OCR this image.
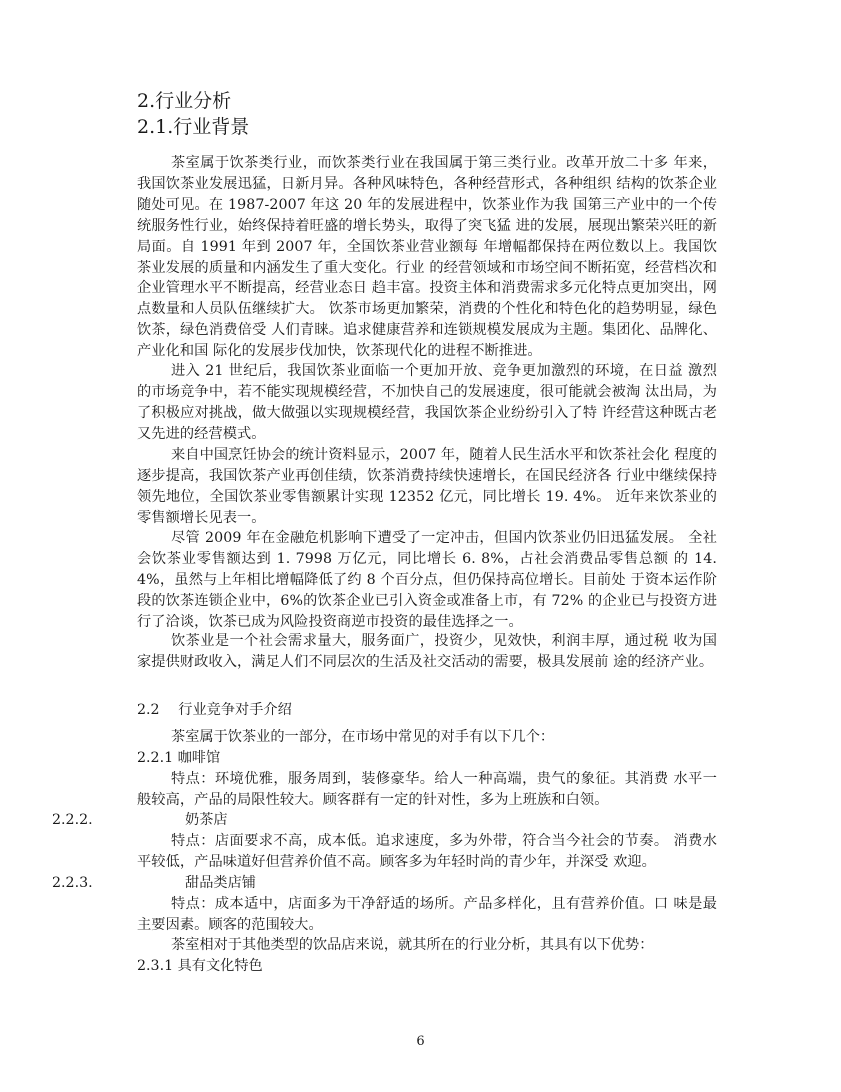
2.行业分析
2.1.行业背景

茶室属于饮茶类行业，而饮茶类行业在我国属于第三类行业。改革开放二十多 年来，我国饮茶业发展迅猛，日新月异。各种风味特色，各种经营形式，各种组织 结构的饮茶企业随处可见。在 1987-2007 年这 20 年的发展进程中，饮茶业作为我 国第三产业中的一个传统服务性行业，始终保持着旺盛的增长势头，取得了突飞猛 进的发展，展现出繁荣兴旺的新局面。自 1991 年到 2007 年，全国饮茶业营业额每 年增幅都保持在两位数以上。我国饮茶业发展的质量和内涵发生了重大变化。行业 的经营领域和市场空间不断拓宽，经营档次和企业管理水平不断提高，经营业态日 趋丰富。投资主体和消费需求多元化特点更加突出，网点数量和人员队伍继续扩大。 饮茶市场更加繁荣，消费的个性化和特色化的趋势明显，绿色饮茶，绿色消费倍受 人们青睐。追求健康营养和连锁规模发展成为主题。集团化、品牌化、产业化和国 际化的发展步伐加快，饮茶现代化的进程不断推进。

进入 21 世纪后，我国饮茶业面临一个更加开放、竞争更加激烈的环境，在日益 激烈的市场竞争中，若不能实现规模经营，不加快自己的发展速度，很可能就会被淘 汰出局，为了积极应对挑战，做大做强以实现规模经营，我国饮茶企业纷纷引入了特 许经营这种既古老又先进的经营模式。

来自中国烹饪协会的统计资料显示，2007 年，随着人民生活水平和饮茶社会化 程度的逐步提高，我国饮茶产业再创佳绩，饮茶消费持续快速增长，在国民经济各 行业中继续保持领先地位，全国饮茶业零售额累计实现 12352 亿元，同比增长 19. 4%。 近年来饮茶业的零售额增长见表一。

尽管 2009 年在金融危机影响下遭受了一定冲击，但国内饮茶业仍旧迅猛发展。 全社会饮茶业零售额达到 1. 7998 万亿元，同比增长 6. 8%，占社会消费品零售总额 的 14. 4%，虽然与上年相比增幅降低了约 8 个百分点，但仍保持高位增长。目前处 于资本运作阶段的饮茶连锁企业中，6%的饮茶企业已引入资金或准备上市，有 72% 的企业已与投资方进行了洽谈，饮茶已成为风险投资商逆市投资的最佳选择之一。

饮茶业是一个社会需求量大，服务面广，投资少，见效快，利润丰厚，通过税 收为国家提供财政收入，满足人们不同层次的生活及社交活动的需要，极具发展前 途的经济产业。

2.2　 行业竞争对手介绍
茶室属于饮茶业的一部分，在市场中常见的对手有以下几个：
2.2.1 咖啡馆

特点：环境优雅，服务周到，装修豪华。给人一种高端，贵气的象征。其消费 水平一般较高，产品的局限性较大。顾客群有一定的针对性，多为上班族和白领。

2.2.2.	奶茶店

特点：店面要求不高，成本低。追求速度，多为外带，符合当今社会的节奏。 消费水平较低，产品味道好但营养价值不高。顾客多为年轻时尚的青少年，并深受 欢迎。

2.2.3.	甜品类店铺

特点：成本适中，店面多为干净舒适的场所。产品多样化，且有营养价值。口 味是最主要因素。顾客的范围较大。

茶室相对于其他类型的饮品店来说，就其所在的行业分析，其具有以下优势：
2.3.1 具有文化特色
6
